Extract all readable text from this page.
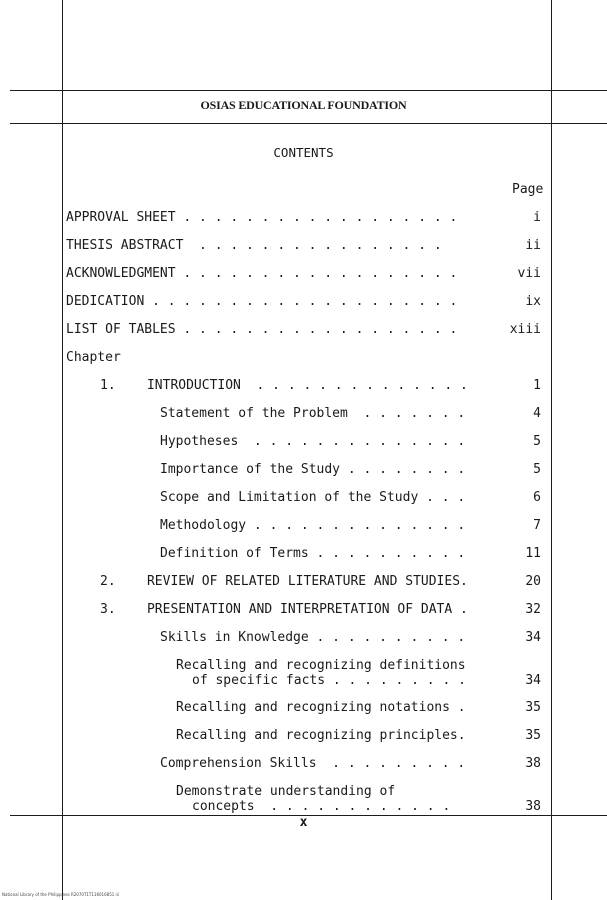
OSIAS EDUCATIONAL FOUNDATION
CONTENTS
Page
APPROVAL SHEET . . . . . . . . . . . . . . . . . .	i
THESIS ABSTRACT  . . . . . . . . . . . . . . . .	ii
ACKNOWLEDGMENT . . . . . . . . . . . . . . . . . .	vii
DEDICATION . . . . . . . . . . . . . . . . . . . .	ix
LIST OF TABLES . . . . . . . . . . . . . . . . . .	xiii
Chapter
1.    INTRODUCTION  . . . . . . . . . . . . . .	1
Statement of the Problem  . . . . . . .	4
Hypotheses  . . . . . . . . . . . . . .	5
Importance of the Study . . . . . . . .	5
Scope and Limitation of the Study . . .	6
Methodology . . . . . . . . . . . . . .	7
Definition of Terms . . . . . . . . . .	11
2.    REVIEW OF RELATED LITERATURE AND STUDIES.	20
3.    PRESENTATION AND INTERPRETATION OF DATA .	32
Skills in Knowledge . . . . . . . . . .	34
Recalling and recognizing definitions
of specific facts . . . . . . . . .	34
Recalling and recognizing notations .	35
Recalling and recognizing principles.	35
Comprehension Skills  . . . . . . . . .	38
Demonstrate understanding of
concepts  . . . . . . . . . . . .	38
x
National Library of the Philippines R2070T1T116016851 iii
